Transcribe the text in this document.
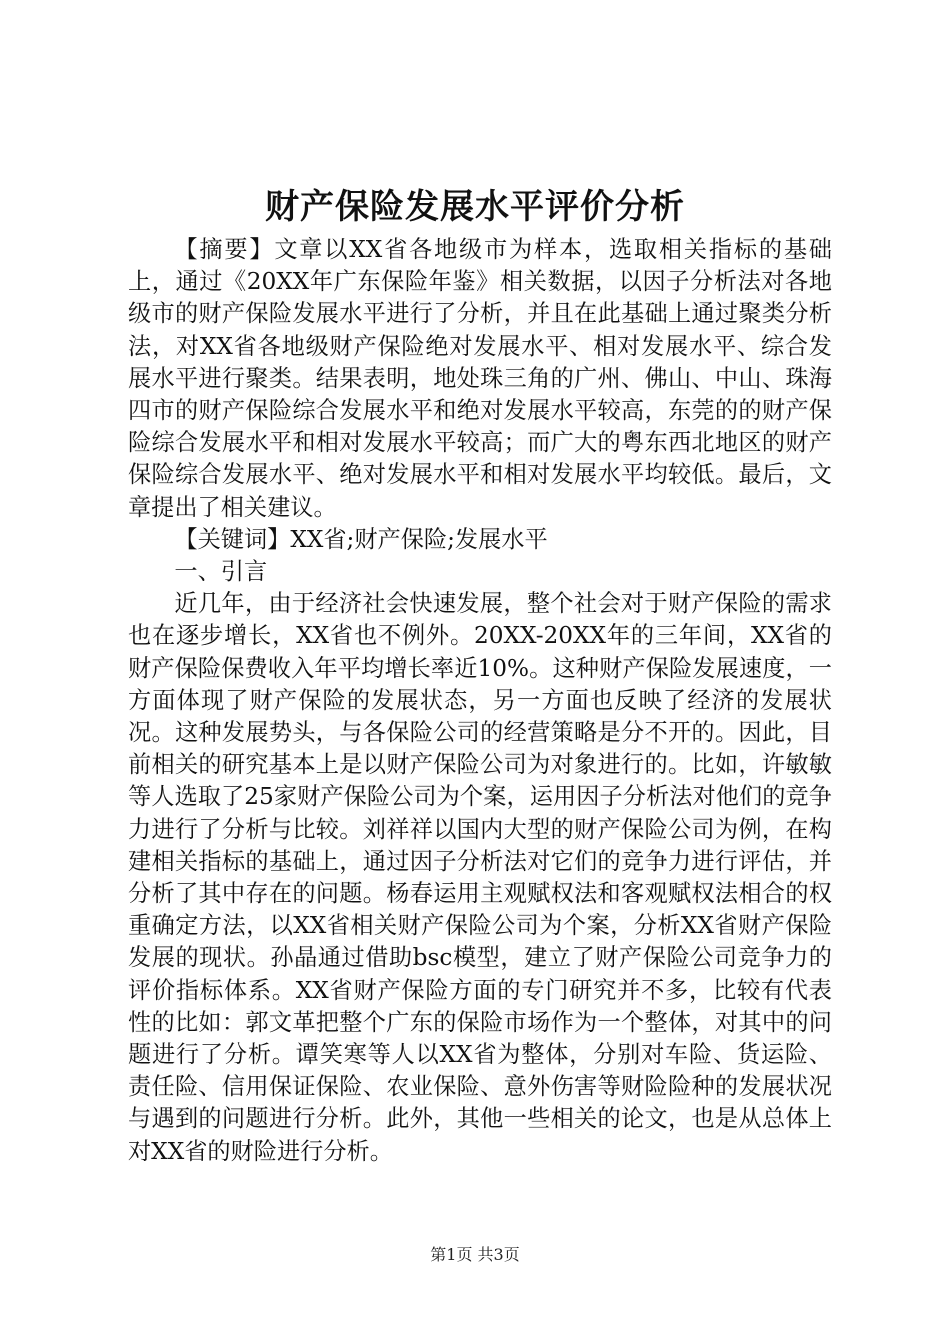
财产保险发展水平评价分析

【摘要】文章以XX省各地级市为样本，选取相关指标的基础上，通过《20XX年广东保险年鉴》相关数据，以因子分析法对各地级市的财产保险发展水平进行了分析，并且在此基础上通过聚类分析法，对XX省各地级财产保险绝对发展水平、相对发展水平、综合发展水平进行聚类。结果表明，地处珠三角的广州、佛山、中山、珠海四市的财产保险综合发展水平和绝对发展水平较高，东莞的的财产保险综合发展水平和相对发展水平较高；而广大的粤东西北地区的财产保险综合发展水平、绝对发展水平和相对发展水平均较低。最后，文章提出了相关建议。

【关键词】XX省;财产保险;发展水平

一、引言

近几年，由于经济社会快速发展，整个社会对于财产保险的需求也在逐步增长，XX省也不例外。20XX-20XX年的三年间，XX省的财产保险保费收入年平均增长率近10%。这种财产保险发展速度，一方面体现了财产保险的发展状态，另一方面也反映了经济的发展状况。这种发展势头，与各保险公司的经营策略是分不开的。因此，目前相关的研究基本上是以财产保险公司为对象进行的。比如，许敏敏等人选取了25家财产保险公司为个案，运用因子分析法对他们的竞争力进行了分析与比较。刘祥祥以国内大型的财产保险公司为例，在构建相关指标的基础上，通过因子分析法对它们的竞争力进行评估，并分析了其中存在的问题。杨春运用主观赋权法和客观赋权法相合的权重确定方法，以XX省相关财产保险公司为个案，分析XX省财产保险发展的现状。孙晶通过借助bsc模型，建立了财产保险公司竞争力的评价指标体系。XX省财产保险方面的专门研究并不多，比较有代表性的比如：郭文革把整个广东的保险市场作为一个整体，对其中的问题进行了分析。谭笑寒等人以XX省为整体，分别对车险、货运险、责任险、信用保证保险、农业保险、意外伤害等财险险种的发展状况与遇到的问题进行分析。此外，其他一些相关的论文，也是从总体上对XX省的财险进行分析。

第1页 共3页
